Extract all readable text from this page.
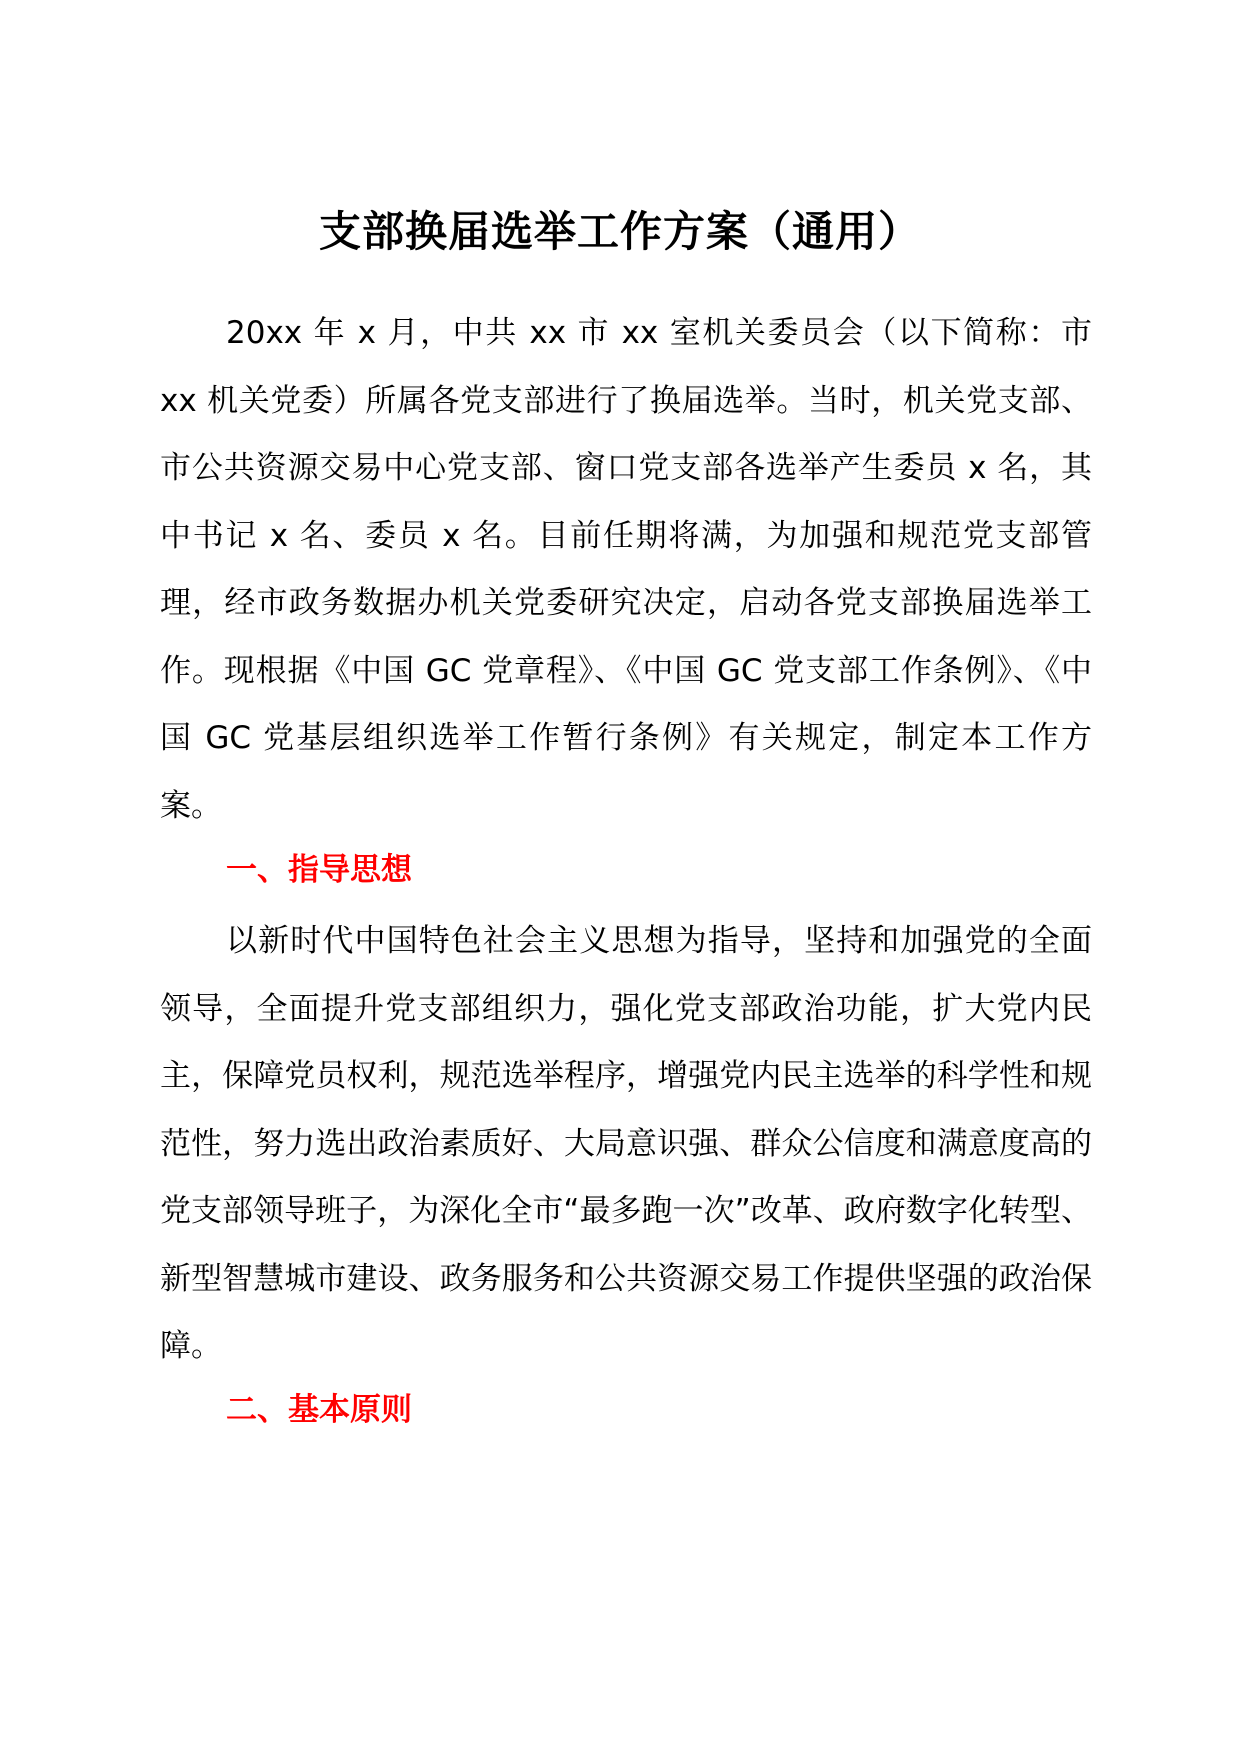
支部换届选举工作方案（通用）

20xx 年 x 月，中共 xx 市 xx 室机关委员会（以下简称：市 xx 机关党委）所属各党支部进行了换届选举。当时，机关党支部、市公共资源交易中心党支部、窗口党支部各选举产生委员 x 名，其中书记 x 名、委员 x 名。目前任期将满，为加强和规范党支部管理，经市政务数据办机关党委研究决定，启动各党支部换届选举工作。现根据《中国 GC 党章程》、《中国 GC 党支部工作条例》、《中国 GC 党基层组织选举工作暂行条例》有关规定，制定本工作方案。

一、指导思想

以新时代中国特色社会主义思想为指导，坚持和加强党的全面领导，全面提升党支部组织力，强化党支部政治功能，扩大党内民主，保障党员权利，规范选举程序，增强党内民主选举的科学性和规范性，努力选出政治素质好、大局意识强、群众公信度和满意度高的党支部领导班子，为深化全市“最多跑一次”改革、政府数字化转型、新型智慧城市建设、政务服务和公共资源交易工作提供坚强的政治保障。

二、基本原则
